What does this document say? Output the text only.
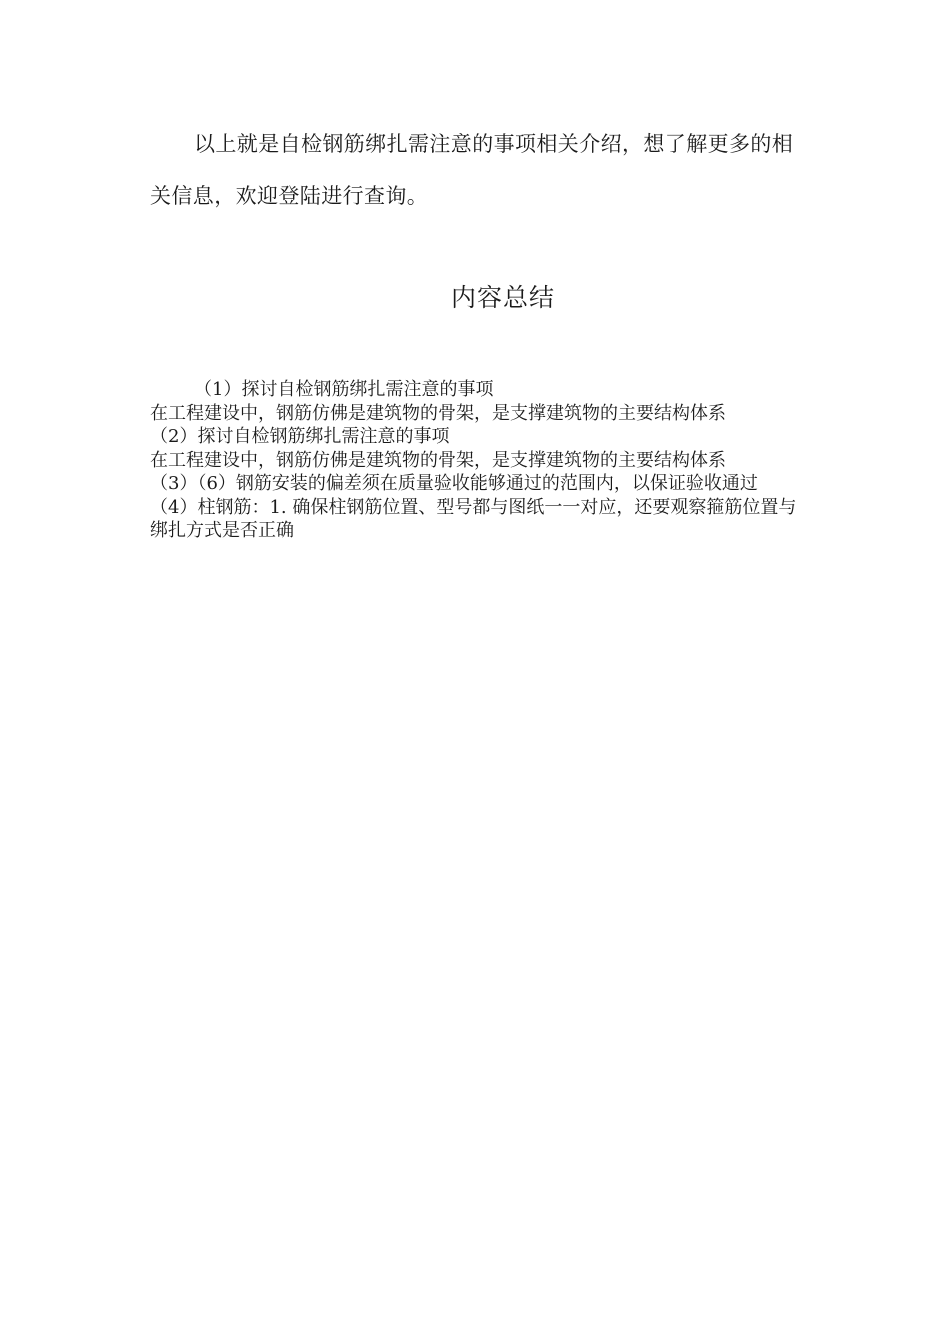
以上就是自检钢筋绑扎需注意的事项相关介绍，想了解更多的相关信息，欢迎登陆进行查询。

内容总结
（1）探讨自检钢筋绑扎需注意的事项
在工程建设中，钢筋仿佛是建筑物的骨架，是支撑建筑物的主要结构体系
（2）探讨自检钢筋绑扎需注意的事项
在工程建设中，钢筋仿佛是建筑物的骨架，是支撑建筑物的主要结构体系
（3）（6）钢筋安装的偏差须在质量验收能够通过的范围内，以保证验收通过
（4）柱钢筋：1. 确保柱钢筋位置、型号都与图纸一一对应，还要观察箍筋位置与绑扎方式是否正确
